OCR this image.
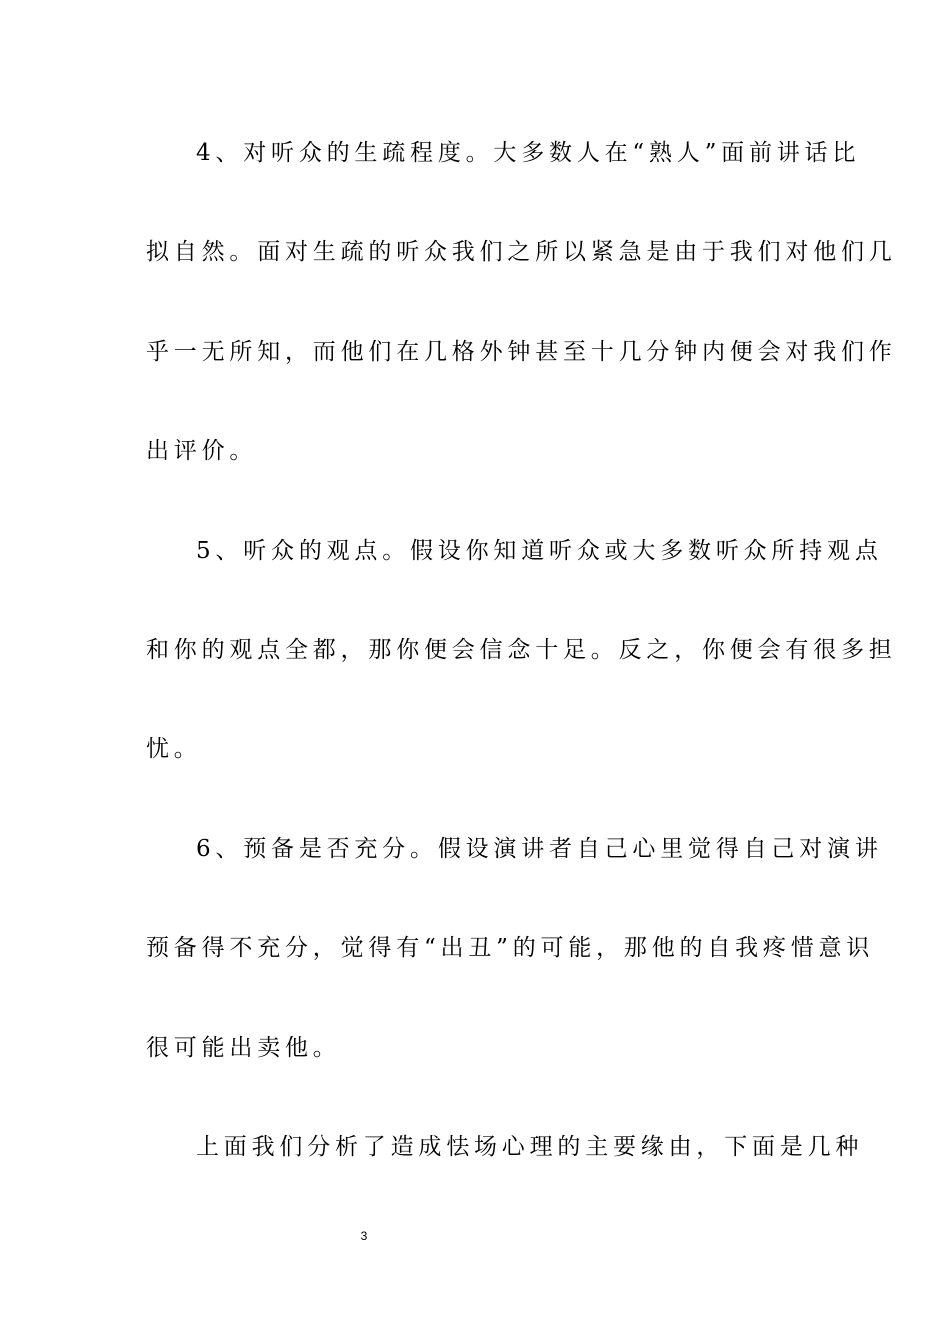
4、对听众的生疏程度。大多数人在“熟人”面前讲话比
拟自然。面对生疏的听众我们之所以紧急是由于我们对他们几
乎一无所知，而他们在几格外钟甚至十几分钟内便会对我们作
出评价。
5、听众的观点。假设你知道听众或大多数听众所持观点
和你的观点全都，那你便会信念十足。反之，你便会有很多担
忧。
6、预备是否充分。假设演讲者自己心里觉得自己对演讲
预备得不充分，觉得有“出丑”的可能，那他的自我疼惜意识
很可能出卖他。
上面我们分析了造成怯场心理的主要缘由，下面是几种
3
